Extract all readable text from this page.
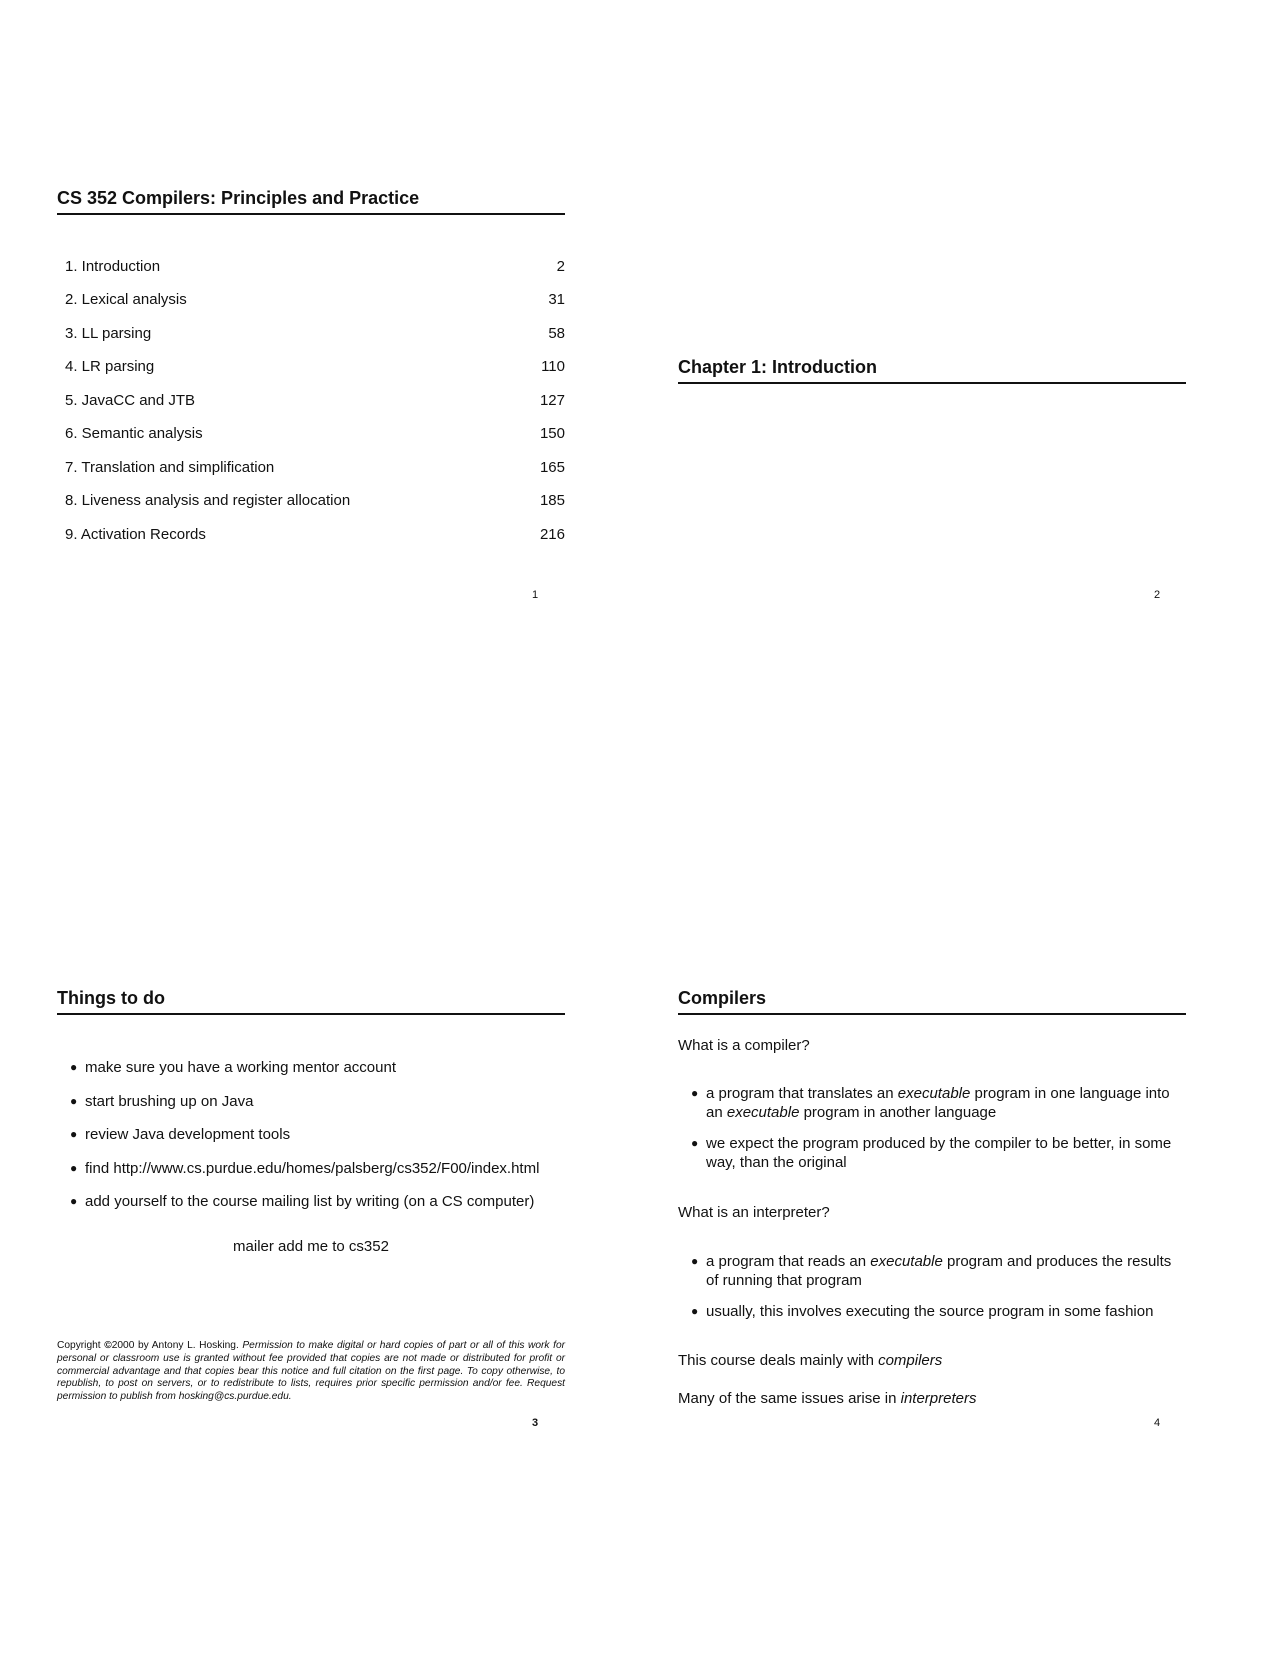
CS 352 Compilers: Principles and Practice
1. Introduction	2
2. Lexical analysis	31
3. LL parsing	58
4. LR parsing	110
5. JavaCC and JTB	127
6. Semantic analysis	150
7. Translation and simplification	165
8. Liveness analysis and register allocation	185
9. Activation Records	216
1
Chapter 1: Introduction
2
Things to do
● make sure you have a working mentor account
● start brushing up on Java
● review Java development tools
● find http://www.cs.purdue.edu/homes/palsberg/cs352/F00/index.html
● add yourself to the course mailing list by writing (on a CS computer)
mailer add me to cs352
Copyright ©2000 by Antony L. Hosking. Permission to make digital or hard copies of part or all of this work for personal or classroom use is granted without fee provided that copies are not made or distributed for profit or commercial advantage and that copies bear this notice and full citation on the first page. To copy otherwise, to republish, to post on servers, or to redistribute to lists, requires prior specific permission and/or fee. Request permission to publish from hosking@cs.purdue.edu.
3
Compilers
What is a compiler?
● a program that translates an executable program in one language into
an executable program in another language
● we expect the program produced by the compiler to be better, in some
way, than the original
What is an interpreter?
● a program that reads an executable program and produces the results
of running that program
● usually, this involves executing the source program in some fashion
This course deals mainly with compilers
Many of the same issues arise in interpreters
4
